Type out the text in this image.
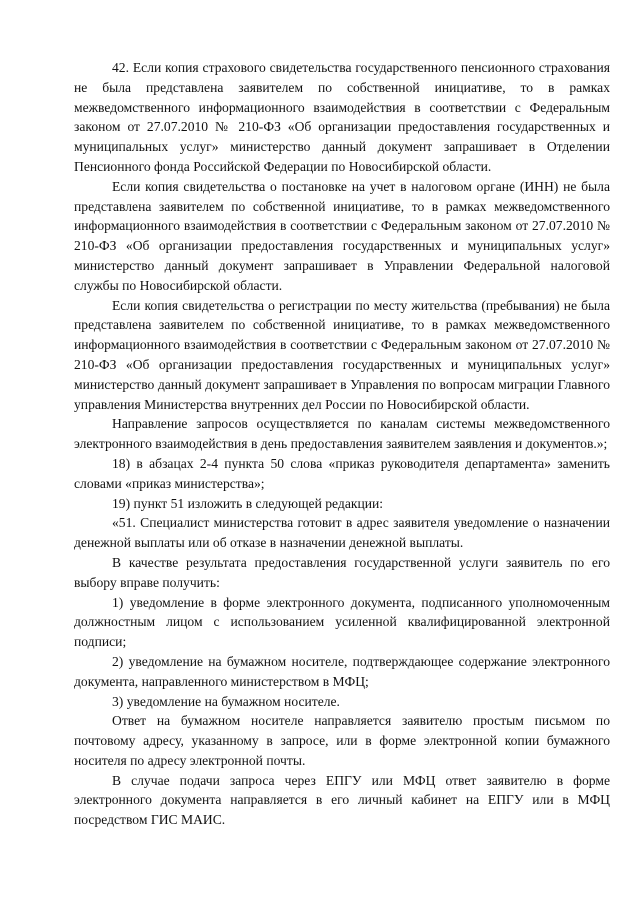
42. Если копия страхового свидетельства государственного пенсионного страхования не была представлена заявителем по собственной инициативе, то в рамках межведомственного информационного взаимодействия в соответствии с Федеральным законом от 27.07.2010 № 210-ФЗ «Об организации предоставления государственных и муниципальных услуг» министерство данный документ запрашивает в Отделении Пенсионного фонда Российской Федерации по Новосибирской области.

Если копия свидетельства о постановке на учет в налоговом органе (ИНН) не была представлена заявителем по собственной инициативе, то в рамках межведомственного информационного взаимодействия в соответствии с Федеральным законом от 27.07.2010 № 210-ФЗ «Об организации предоставления государственных и муниципальных услуг» министерство данный документ запрашивает в Управлении Федеральной налоговой службы по Новосибирской области.

Если копия свидетельства о регистрации по месту жительства (пребывания) не была представлена заявителем по собственной инициативе, то в рамках межведомственного информационного взаимодействия в соответствии с Федеральным законом от 27.07.2010 № 210-ФЗ «Об организации предоставления государственных и муниципальных услуг» министерство данный документ запрашивает в Управления по вопросам миграции Главного управления Министерства внутренних дел России по Новосибирской области.

Направление запросов осуществляется по каналам системы межведомственного электронного взаимодействия в день предоставления заявителем заявления и документов.»;

18) в абзацах 2-4 пункта 50 слова «приказ руководителя департамента» заменить словами «приказ министерства»;

19) пункт 51 изложить в следующей редакции:

«51. Специалист министерства готовит в адрес заявителя уведомление о назначении денежной выплаты или об отказе в назначении денежной выплаты.

В качестве результата предоставления государственной услуги заявитель по его выбору вправе получить:

1) уведомление в форме электронного документа, подписанного уполномоченным должностным лицом с использованием усиленной квалифицированной электронной подписи;

2) уведомление на бумажном носителе, подтверждающее содержание электронного документа, направленного министерством в МФЦ;

3) уведомление на бумажном носителе.

Ответ на бумажном носителе направляется заявителю простым письмом по почтовому адресу, указанному в запросе, или в форме электронной копии бумажного носителя по адресу электронной почты.

В случае подачи запроса через ЕПГУ или МФЦ ответ заявителю в форме электронного документа направляется в его личный кабинет на ЕПГУ или в МФЦ посредством ГИС МАИС.
